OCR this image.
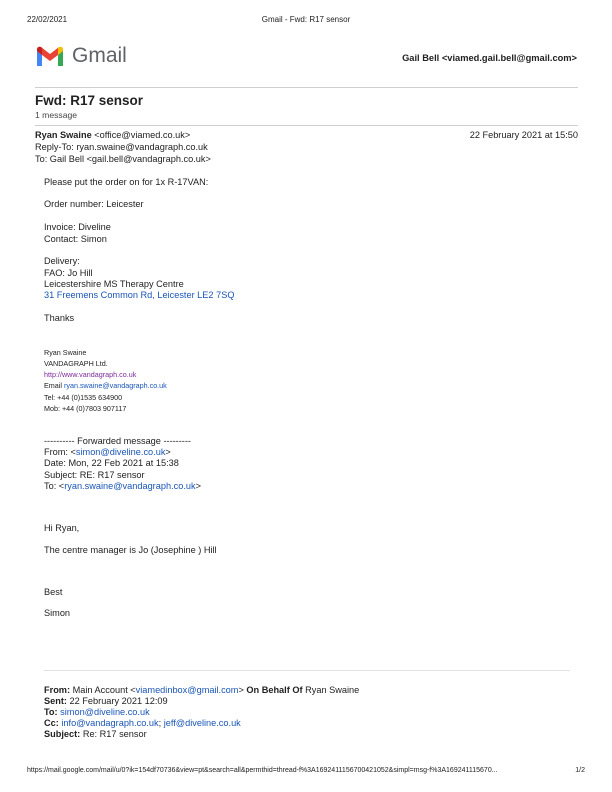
22/02/2021	Gmail - Fwd: R17 sensor
Gmail	Gail Bell <viamed.gail.bell@gmail.com>
Fwd: R17 sensor
1 message
Ryan Swaine <office@viamed.co.uk>	22 February 2021 at 15:50
Reply-To: ryan.swaine@vandagraph.co.uk
To: Gail Bell <gail.bell@vandagraph.co.uk>
Please put the order on for 1x R-17VAN:
Order number: Leicester
Invoice: Diveline
Contact: Simon
Delivery:
FAO: Jo Hill
Leicestershire MS Therapy Centre
31 Freemens Common Rd, Leicester LE2 7SQ
Thanks
Ryan Swaine
VANDAGRAPH Ltd.
http://www.vandagraph.co.uk
Email ryan.swaine@vandagraph.co.uk
Tel: +44 (0)1535 634900
Mob: +44 (0)7803 907117
---------- Forwarded message ---------
From: <simon@diveline.co.uk>
Date: Mon, 22 Feb 2021 at 15:38
Subject: RE: R17 sensor
To: <ryan.swaine@vandagraph.co.uk>
Hi Ryan,
The centre manager is Jo (Josephine ) Hill
Best
Simon
From: Main Account <viamedinbox@gmail.com> On Behalf Of Ryan Swaine
Sent: 22 February 2021 12:09
To: simon@diveline.co.uk
Cc: info@vandagraph.co.uk; jeff@diveline.co.uk
Subject: Re: R17 sensor
https://mail.google.com/mail/u/0?ik=154df70736&view=pt&search=all&permthid=thread-f%3A1692411156700421052&simpl=msg-f%3A169241115670...	1/2
